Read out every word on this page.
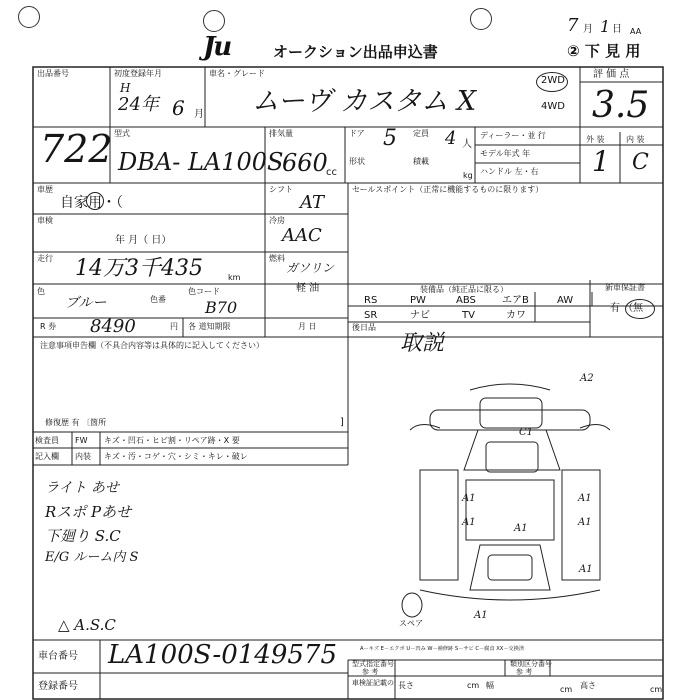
Ju	オークション出品申込書
7 月 1 日 AA
② 下 見 用
出品番号
722
初度登録年月
H
24年 6 月
車名・グレード
ムーヴ カスタム X
2WD
4WD
評 価 点
3.5
型式
DBA- LA100S
排気量
660
cc
ドア 5 定員 4 人
形状	積載
kg
ディーラー・並 行
モデル年式 年
ハンドル 左・右
外 装	内 装
1 C
車歴
自家用・（
シフト
AT
セールスポイント（正常に機能するものに限ります）
車検
年 月（ 日）
冷房
AAC
走行 14万3千435	km
燃料
ガソリン
軽 油
色
ブルー	色番
色コード
B70
装備品（純正品に限る）	新車保証書
RS	PW	ABS	エアB	AW
SR	ナビ	TV	カワ
有 （無
R 券 8490	円 各 道知期限	月 日	後日品
取説
注意事項申告欄（不具合内容等は具体的に記入してください）
修復歴 有 〔箇所	]
検査員 FW キズ・凹石・ヒビ割・リペア跡・X 要
記入欄 内装 キズ・汚・コゲ・穴・シミ・キレ・破レ
ライト あせ
Rスポ Pあせ
下廻り S.C
E/G ルーム内 S
△ A.S.C
A2
C1
A1
A1
A1
A1
A1
A1
A1
スペア
A－キズ E－エクボ U－凹み W－補修跡 S－サビ C－腐食 XX－交換済
車台番号 LA100S-0149575
登録番号
型式指定番号
参 考
類別区分番号
参 考
車検証記載の 長さ	cm 幅	cm 高さ	cm
